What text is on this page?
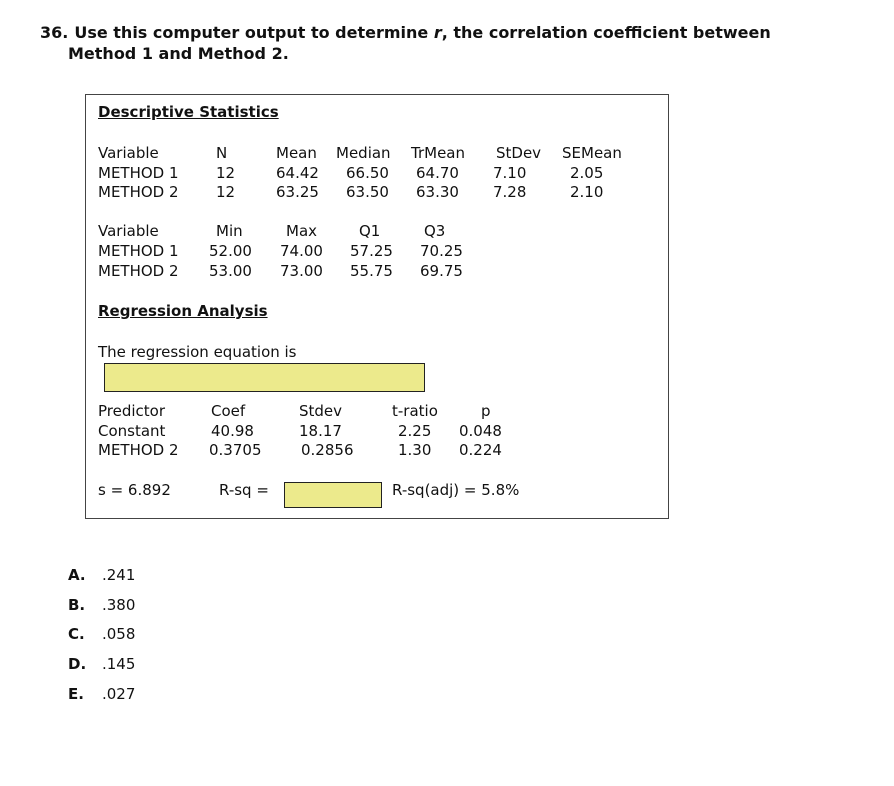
36. Use this computer output to determine r, the correlation coefficient between
Method 1 and Method 2.
Descriptive Statistics
Variable	N	Mean Median TrMean StDev SEMean
METHOD 1 12	64.42 66.50 64.70 7.10	2.05
METHOD 2 12	63.25 63.50 63.30 7.28	2.10
Variable	Min	Max	Q1	Q3
METHOD 1 52.00 74.00 57.25 70.25
METHOD 2 53.00 73.00 55.75 69.75
Regression Analysis
The regression equation is
Predictor	Coef	Stdev	t-ratio	p
Constant	40.98	18.17	2.25 0.048
METHOD 2 0.3705	0.2856	1.30 0.224
s = 6.892	R-sq =	R-sq(adj) = 5.8%
A. .241
B. .380
C. .058
D. .145
E. .027
